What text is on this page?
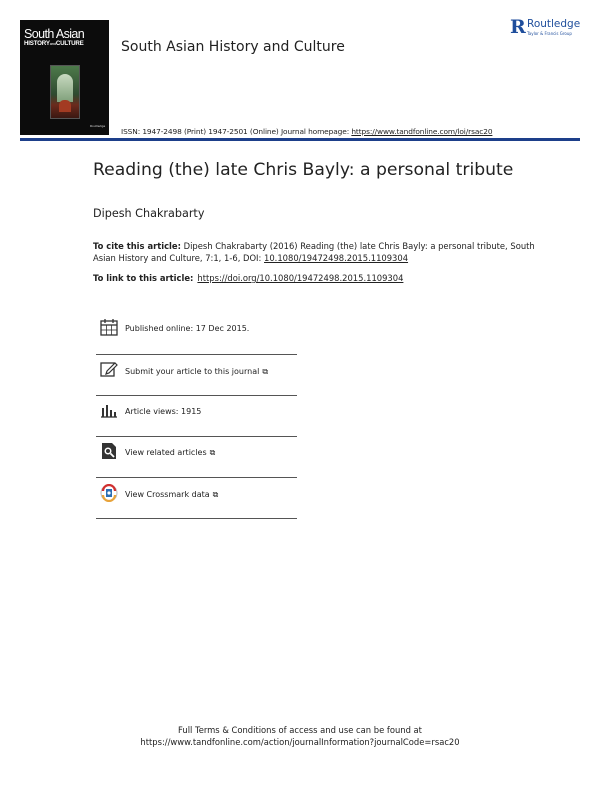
South Asian
HISTORYandCULTURE
Routledge
South Asian History and Culture
R Routledge
Taylor & Francis Group
ISSN: 1947-2498 (Print) 1947-2501 (Online) Journal homepage: https://www.tandfonline.com/loi/rsac20
Reading (the) late Chris Bayly: a personal tribute
Dipesh Chakrabarty
To cite this article: Dipesh Chakrabarty (2016) Reading (the) late Chris Bayly: a personal tribute, South Asian History and Culture, 7:1, 1-6, DOI: 10.1080/19472498.2015.1109304
To link to this article: https://doi.org/10.1080/19472498.2015.1109304
Published online: 17 Dec 2015.
Submit your article to this journal ⧉
Article views: 1915
View related articles ⧉
View Crossmark data ⧉
Full Terms & Conditions of access and use can be found at
https://www.tandfonline.com/action/journalInformation?journalCode=rsac20
